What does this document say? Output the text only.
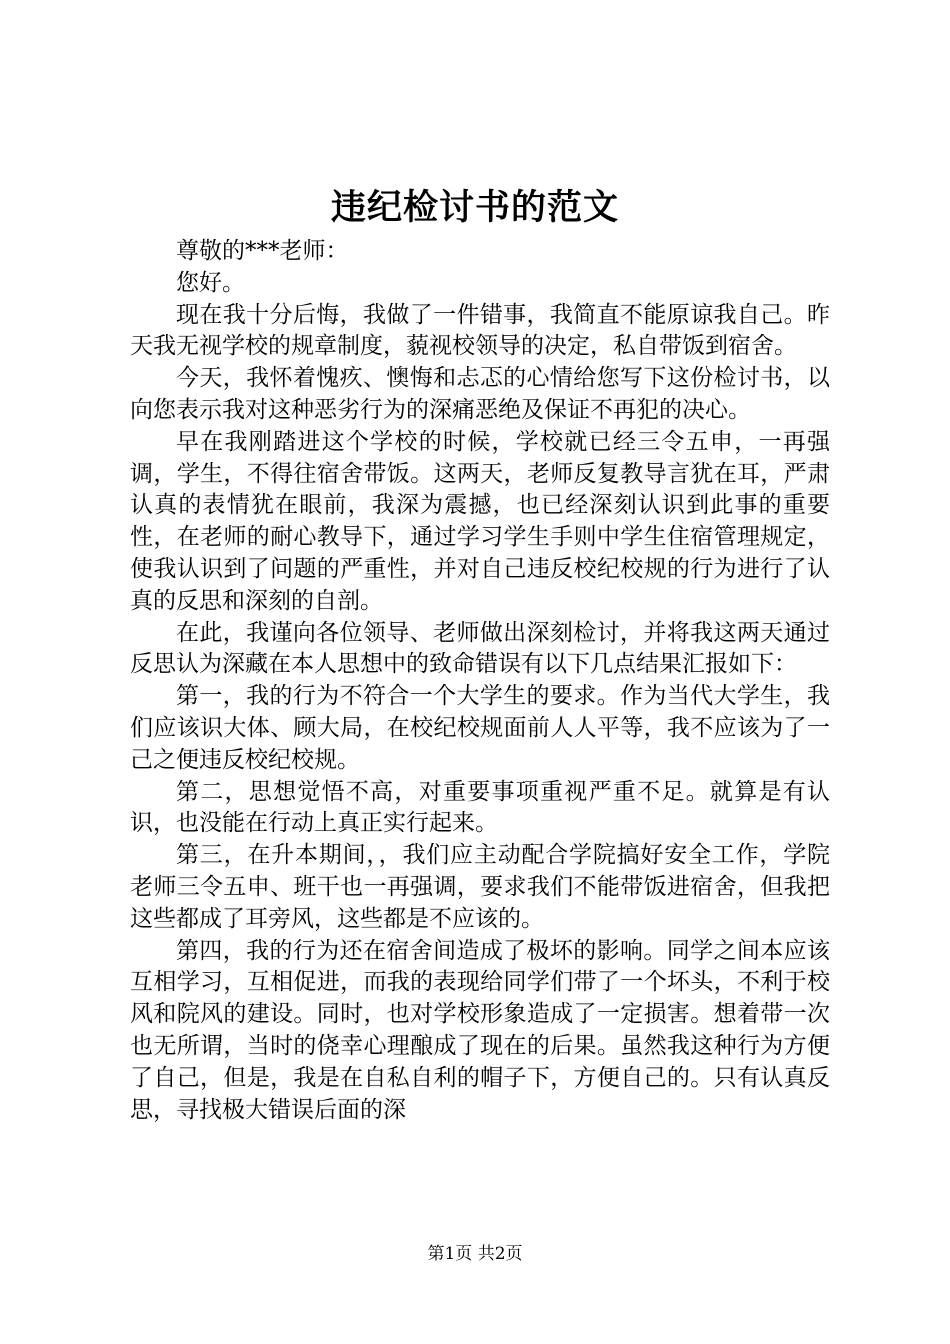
违纪检讨书的范文

尊敬的***老师：

您好。

现在我十分后悔，我做了一件错事，我简直不能原谅我自己。昨天我无视学校的规章制度，藐视校领导的决定，私自带饭到宿舍。

今天，我怀着愧疚、懊悔和忐忑的心情给您写下这份检讨书，以向您表示我对这种恶劣行为的深痛恶绝及保证不再犯的决心。

早在我刚踏进这个学校的时候，学校就已经三令五申，一再强调，学生，不得往宿舍带饭。这两天，老师反复教导言犹在耳，严肃认真的表情犹在眼前，我深为震撼，也已经深刻认识到此事的重要性，在老师的耐心教导下，通过学习学生手则中学生住宿管理规定，使我认识到了问题的严重性，并对自己违反校纪校规的行为进行了认真的反思和深刻的自剖。

在此，我谨向各位领导、老师做出深刻检讨，并将我这两天通过反思认为深藏在本人思想中的致命错误有以下几点结果汇报如下：

第一，我的行为不符合一个大学生的要求。作为当代大学生，我们应该识大体、顾大局，在校纪校规面前人人平等，我不应该为了一己之便违反校纪校规。

第二，思想觉悟不高，对重要事项重视严重不足。就算是有认识，也没能在行动上真正实行起来。

第三，在升本期间，，我们应主动配合学院搞好安全工作，学院老师三令五申、班干也一再强调，要求我们不能带饭进宿舍，但我把这些都成了耳旁风，这些都是不应该的。

第四，我的行为还在宿舍间造成了极坏的影响。同学之间本应该互相学习，互相促进，而我的表现给同学们带了一个坏头，不利于校风和院风的建设。同时，也对学校形象造成了一定损害。想着带一次也无所谓，当时的侥幸心理酿成了现在的后果。虽然我这种行为方便了自己，但是，我是在自私自利的帽子下，方便自己的。只有认真反思，寻找极大错误后面的深

第1页 共2页
